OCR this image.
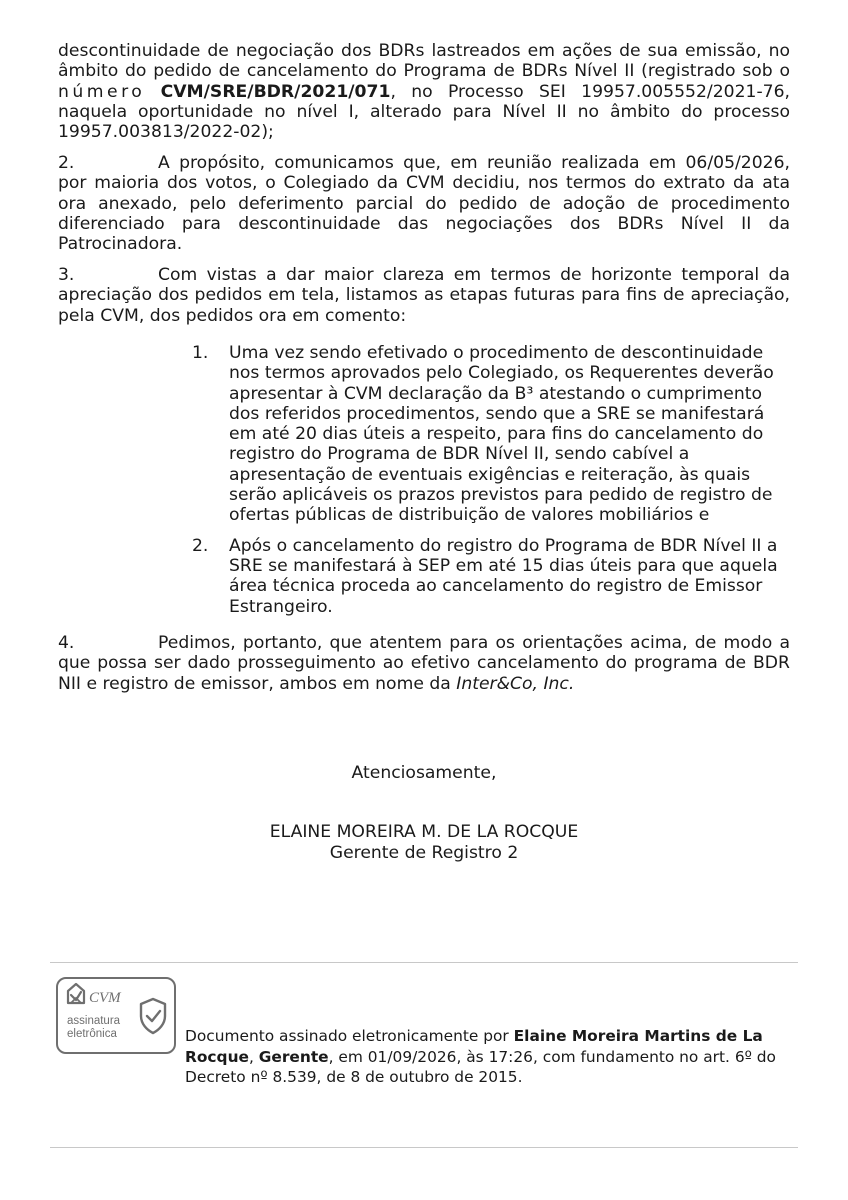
descontinuidade de negociação dos BDRs lastreados em ações de sua emissão, no âmbito do pedido de cancelamento do Programa de BDRs Nível II (registrado sob o número CVM/SRE/BDR/2021/071, no Processo SEI 19957.005552/2021-76, naquela oportunidade no nível I, alterado para Nível II no âmbito do processo 19957.003813/2022-02);

2.	A propósito, comunicamos que, em reunião realizada em 06/05/2026, por maioria dos votos, o Colegiado da CVM decidiu, nos termos do extrato da ata ora anexado, pelo deferimento parcial do pedido de adoção de procedimento diferenciado para descontinuidade das negociações dos BDRs Nível II da Patrocinadora.

3.	Com vistas a dar maior clareza em termos de horizonte temporal da apreciação dos pedidos em tela, listamos as etapas futuras para fins de apreciação, pela CVM, dos pedidos ora em comento:

1. Uma vez sendo efetivado o procedimento de descontinuidade nos termos aprovados pelo Colegiado, os Requerentes deverão apresentar à CVM declaração da B³ atestando o cumprimento dos referidos procedimentos, sendo que a SRE se manifestará em até 20 dias úteis a respeito, para fins do cancelamento do registro do Programa de BDR Nível II, sendo cabível a apresentação de eventuais exigências e reiteração, às quais serão aplicáveis os prazos previstos para pedido de registro de ofertas públicas de distribuição de valores mobiliários e
2. Após o cancelamento do registro do Programa de BDR Nível II a SRE se manifestará à SEP em até 15 dias úteis para que aquela área técnica proceda ao cancelamento do registro de Emissor Estrangeiro.

4.	Pedimos, portanto, que atentem para os orientações acima, de modo a que possa ser dado prosseguimento ao efetivo cancelamento do programa de BDR NII e registro de emissor, ambos em nome da Inter&Co, Inc.

Atenciosamente,
ELAINE MOREIRA M. DE LA ROCQUE
Gerente de Registro 2
CVM
assinatura
eletrônica	Documento assinado eletronicamente por Elaine Moreira Martins de La Rocque, Gerente, em 01/09/2026, às 17:26, com fundamento no art. 6º do Decreto nº 8.539, de 8 de outubro de 2015.
